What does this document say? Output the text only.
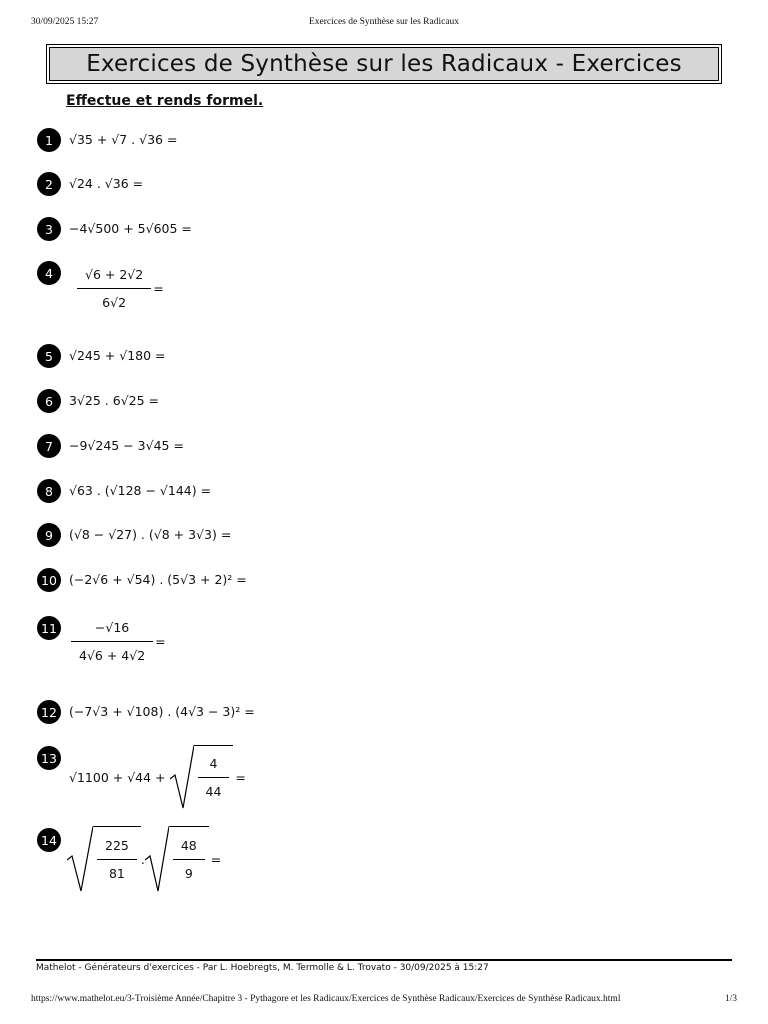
30/09/2025 15:27	Exercices de Synthèse sur les Radicaux
Exercices de Synthèse sur les Radicaux - Exercices
Effectue et rends formel.
1	√35 + √7 . √36 =
2	√24 . √36 =
3	−4√500 + 5√605 =
4	$\frac{√6 + 2√2}{6√2}$ =
5	√245 + √180 =
6	3√25 . 6√25 =
7	−9√245 − 3√45 =
8	√63 . (√128 − √144) =
9	(√8 − √27) . (√8 + 3√3) =
10 (−2√6 + √54) . (5√3 + 2)² =
11	$\frac{-√16}{4√6 + 4√2}$ =
12 (−7√3 + √108) . (4√3 − 3)² =
13
√1100 + √44 +	$\frac{4}{44}$ =
14	$\frac{225}{81}$ . $\frac{48}{9}$ =
Mathelot - Générateurs d'exercices - Par L. Hoebregts, M. Termolle & L. Trovato - 30/09/2025 à 15:27
https://www.mathelot.eu/3-Troisième Année/Chapitre 3 - Pythagore et les Radicaux/Exercices de Synthèse Radicaux/Exercices de Synthèse Radicaux.html	1/3
